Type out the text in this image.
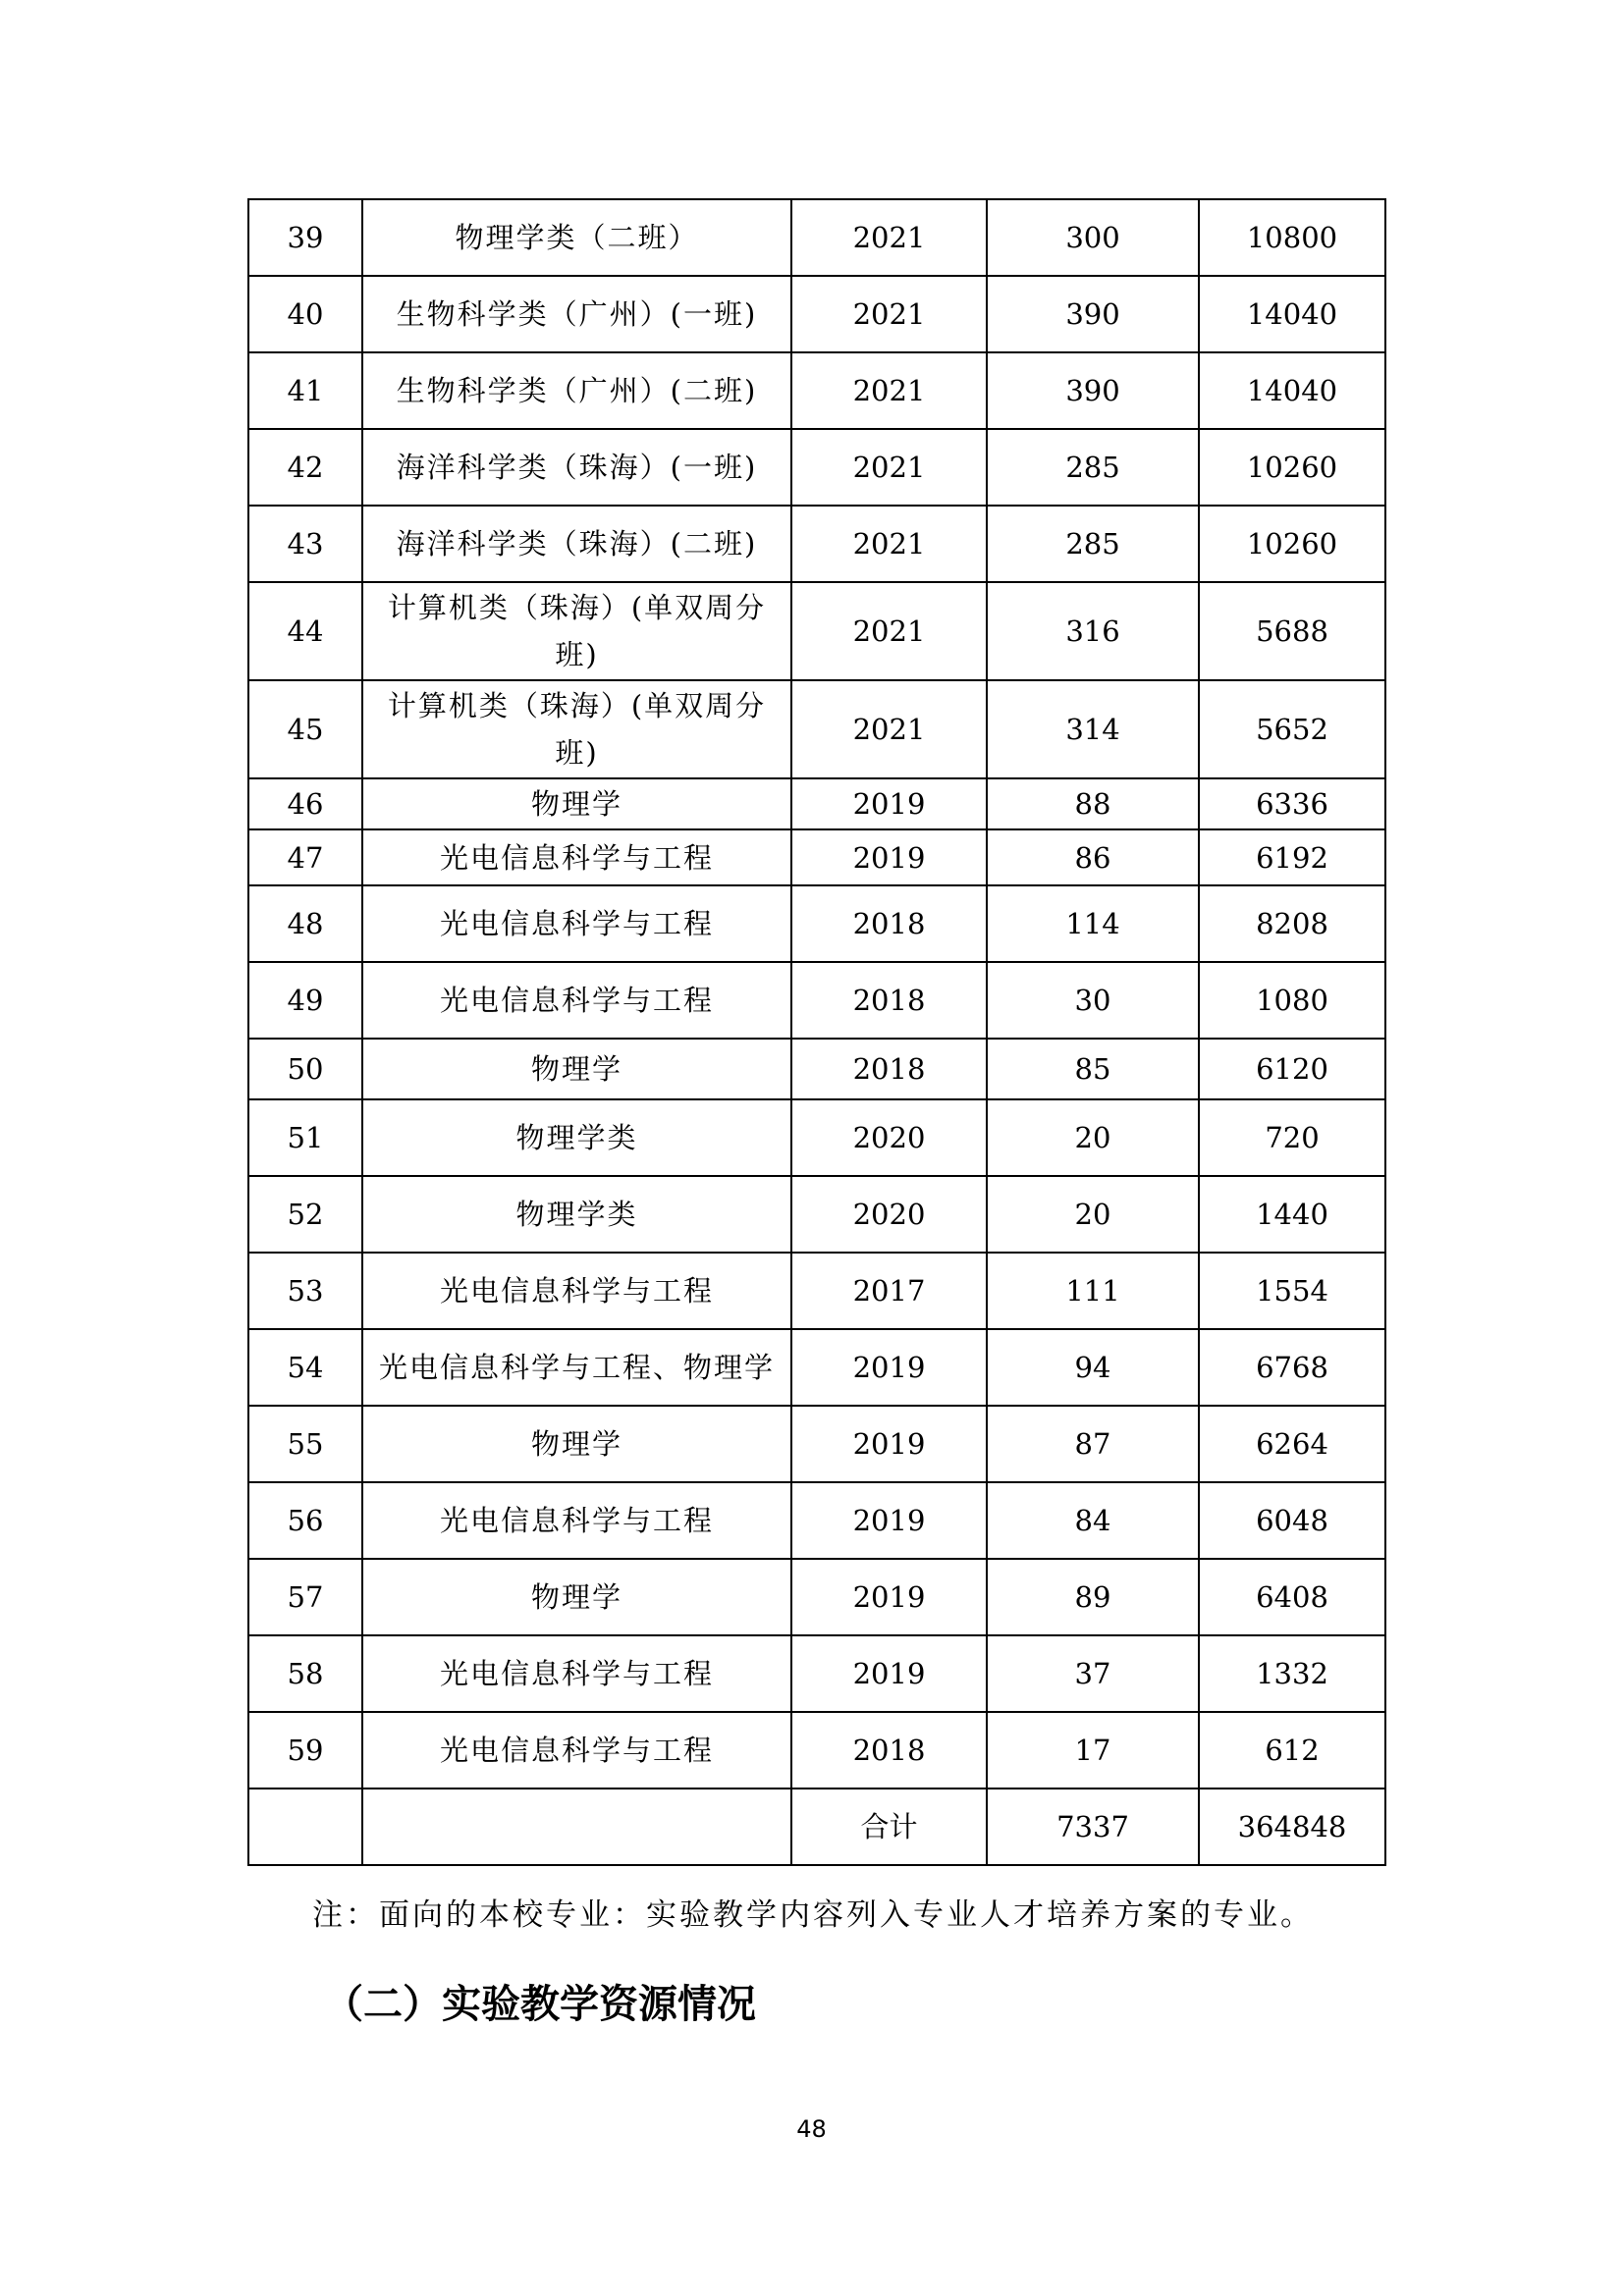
39	物理学类（二班）	2021	300	10800
40	生物科学类（广州）(一班)	2021	390	14040
41	生物科学类（广州）(二班)	2021	390	14040
42	海洋科学类（珠海）(一班)	2021	285	10260
43	海洋科学类（珠海）(二班)	2021	285	10260
44	计算机类（珠海）(单双周分班)	2021	316	5688
45	计算机类（珠海）(单双周分班)	2021	314	5652
46	物理学	2019	88	6336
47	光电信息科学与工程	2019	86	6192
48	光电信息科学与工程	2018	114	8208
49	光电信息科学与工程	2018	30	1080
50	物理学	2018	85	6120
51	物理学类	2020	20	720
52	物理学类	2020	20	1440
53	光电信息科学与工程	2017	111	1554
54	光电信息科学与工程、物理学	2019	94	6768
55	物理学	2019	87	6264
56	光电信息科学与工程	2019	84	6048
57	物理学	2019	89	6408
58	光电信息科学与工程	2019	37	1332
59	光电信息科学与工程	2018	17	612
		合计	7337	364848
注：面向的本校专业：实验教学内容列入专业人才培养方案的专业。
（二）实验教学资源情况
48
